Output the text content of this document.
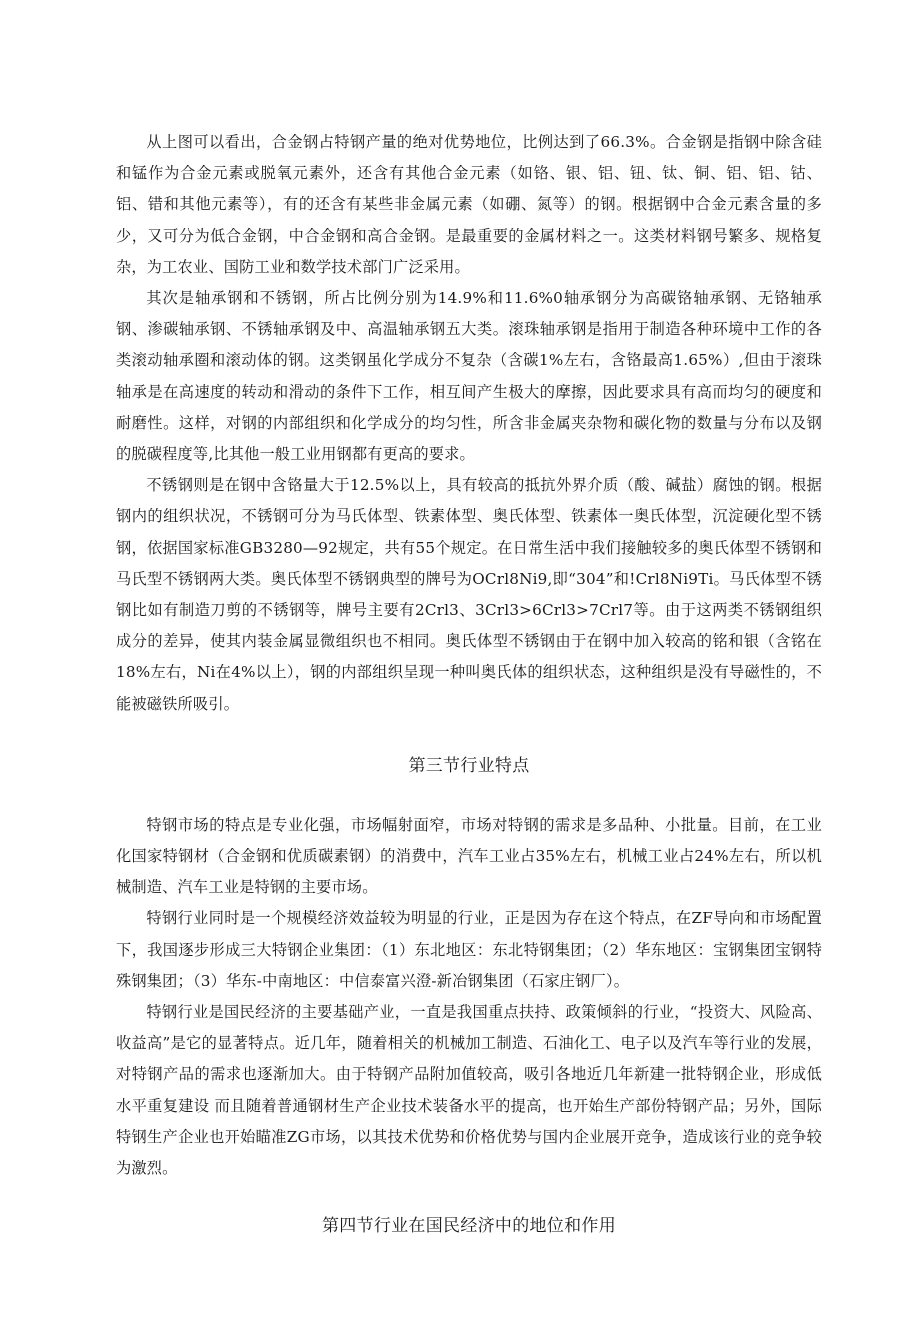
从上图可以看出，合金钢占特钢产量的绝对优势地位，比例达到了66.3%。合金钢是指钢中除含硅和锰作为合金元素或脱氧元素外，还含有其他合金元素（如铬、银、铝、钮、钛、铜、铝、铝、钴、铝、错和其他元素等），有的还含有某些非金属元素（如硼、氮等）的钢。根据钢中合金元素含量的多少，又可分为低合金钢，中合金钢和高合金钢。是最重要的金属材料之一。这类材料钢号繁多、规格复杂，为工农业、国防工业和数学技术部门广泛采用。

其次是轴承钢和不锈钢，所占比例分别为14.9%和11.6%0轴承钢分为高碳铬轴承钢、无铬轴承钢、渗碳轴承钢、不锈轴承钢及中、高温轴承钢五大类。滚珠轴承钢是指用于制造各种环境中工作的各类滚动轴承圈和滚动体的钢。这类钢虽化学成分不复杂（含碳1%左右，含铬最高1.65%）,但由于滚珠轴承是在高速度的转动和滑动的条件下工作，相互间产生极大的摩擦，因此要求具有高而均匀的硬度和耐磨性。这样，对钢的内部组织和化学成分的均匀性，所含非金属夹杂物和碳化物的数量与分布以及钢的脱碳程度等,比其他一般工业用钢都有更高的要求。

不锈钢则是在钢中含铬量大于12.5%以上，具有较高的抵抗外界介质（酸、碱盐）腐蚀的钢。根据钢内的组织状况，不锈钢可分为马氏体型、铁素体型、奥氏体型、铁素体一奥氏体型，沉淀硬化型不锈钢，依据国家标准GB3280—92规定，共有55个规定。在日常生活中我们接触较多的奥氏体型不锈钢和马氏型不锈钢两大类。奥氏体型不锈钢典型的牌号为OCrl8Ni9,即“304”和!Crl8Ni9Ti。马氏体型不锈钢比如有制造刀剪的不锈钢等，牌号主要有2Crl3、3Crl3>6Crl3>7Crl7等。由于这两类不锈钢组织成分的差异，使其内装金属显微组织也不相同。奥氏体型不锈钢由于在钢中加入较高的铭和银（含铭在18%左右，Ni在4%以上），钢的内部组织呈现一种叫奥氏体的组织状态，这种组织是没有导磁性的，不能被磁铁所吸引。

第三节行业特点

特钢市场的特点是专业化强，市场幅射面窄，市场对特钢的需求是多品种、小批量。目前，在工业化国家特钢材（合金钢和优质碳素钢）的消费中，汽车工业占35%左右，机械工业占24%左右，所以机械制造、汽车工业是特钢的主要市场。

特钢行业同时是一个规模经济效益较为明显的行业，正是因为存在这个特点，在ZF导向和市场配置下，我国逐步形成三大特钢企业集团：（1）东北地区：东北特钢集团；（2）华东地区：宝钢集团宝钢特殊钢集团；（3）华东-中南地区：中信泰富兴澄-新冶钢集团（石家庄钢厂）。

特钢行业是国民经济的主要基础产业，一直是我国重点扶持、政策倾斜的行业，“投资大、风险高、收益高”是它的显著特点。近几年，随着相关的机械加工制造、石油化工、电子以及汽车等行业的发展，对特钢产品的需求也逐渐加大。由于特钢产品附加值较高，吸引各地近几年新建一批特钢企业，形成低水平重复建设 而且随着普通钢材生产企业技术装备水平的提高，也开始生产部份特钢产品；另外，国际特钢生产企业也开始瞄准ZG市场，以其技术优势和价格优势与国内企业展开竞争，造成该行业的竞争较为激烈。

第四节行业在国民经济中的地位和作用
